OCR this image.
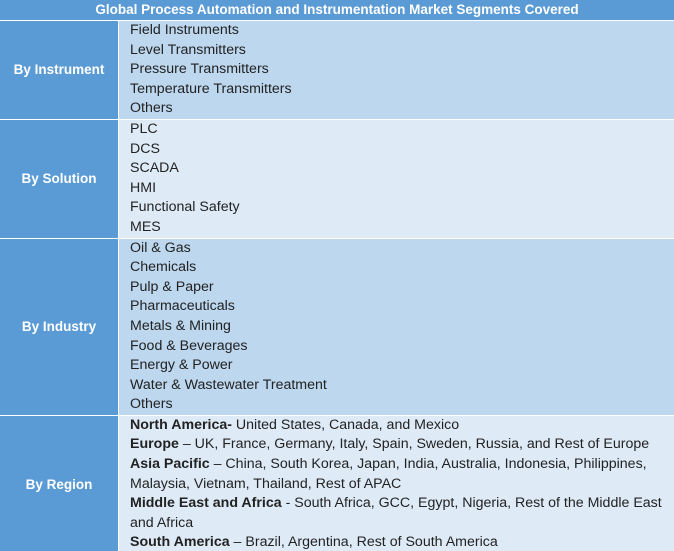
Global Process Automation and Instrumentation Market Segments Covered
By Instrument
Field Instruments
Level Transmitters
Pressure Transmitters
Temperature Transmitters
Others
By Solution
PLC
DCS
SCADA
HMI
Functional Safety
MES
By Industry
Oil & Gas
Chemicals
Pulp & Paper
Pharmaceuticals
Metals & Mining
Food & Beverages
Energy & Power
Water & Wastewater Treatment
Others
By Region
North America- United States, Canada, and Mexico
Europe – UK, France, Germany, Italy, Spain, Sweden, Russia, and Rest of Europe
Asia Pacific – China, South Korea, Japan, India, Australia, Indonesia, Philippines, Malaysia, Vietnam, Thailand, Rest of APAC
Middle East and Africa - South Africa, GCC, Egypt, Nigeria, Rest of the Middle East and Africa
South America – Brazil, Argentina, Rest of South America
